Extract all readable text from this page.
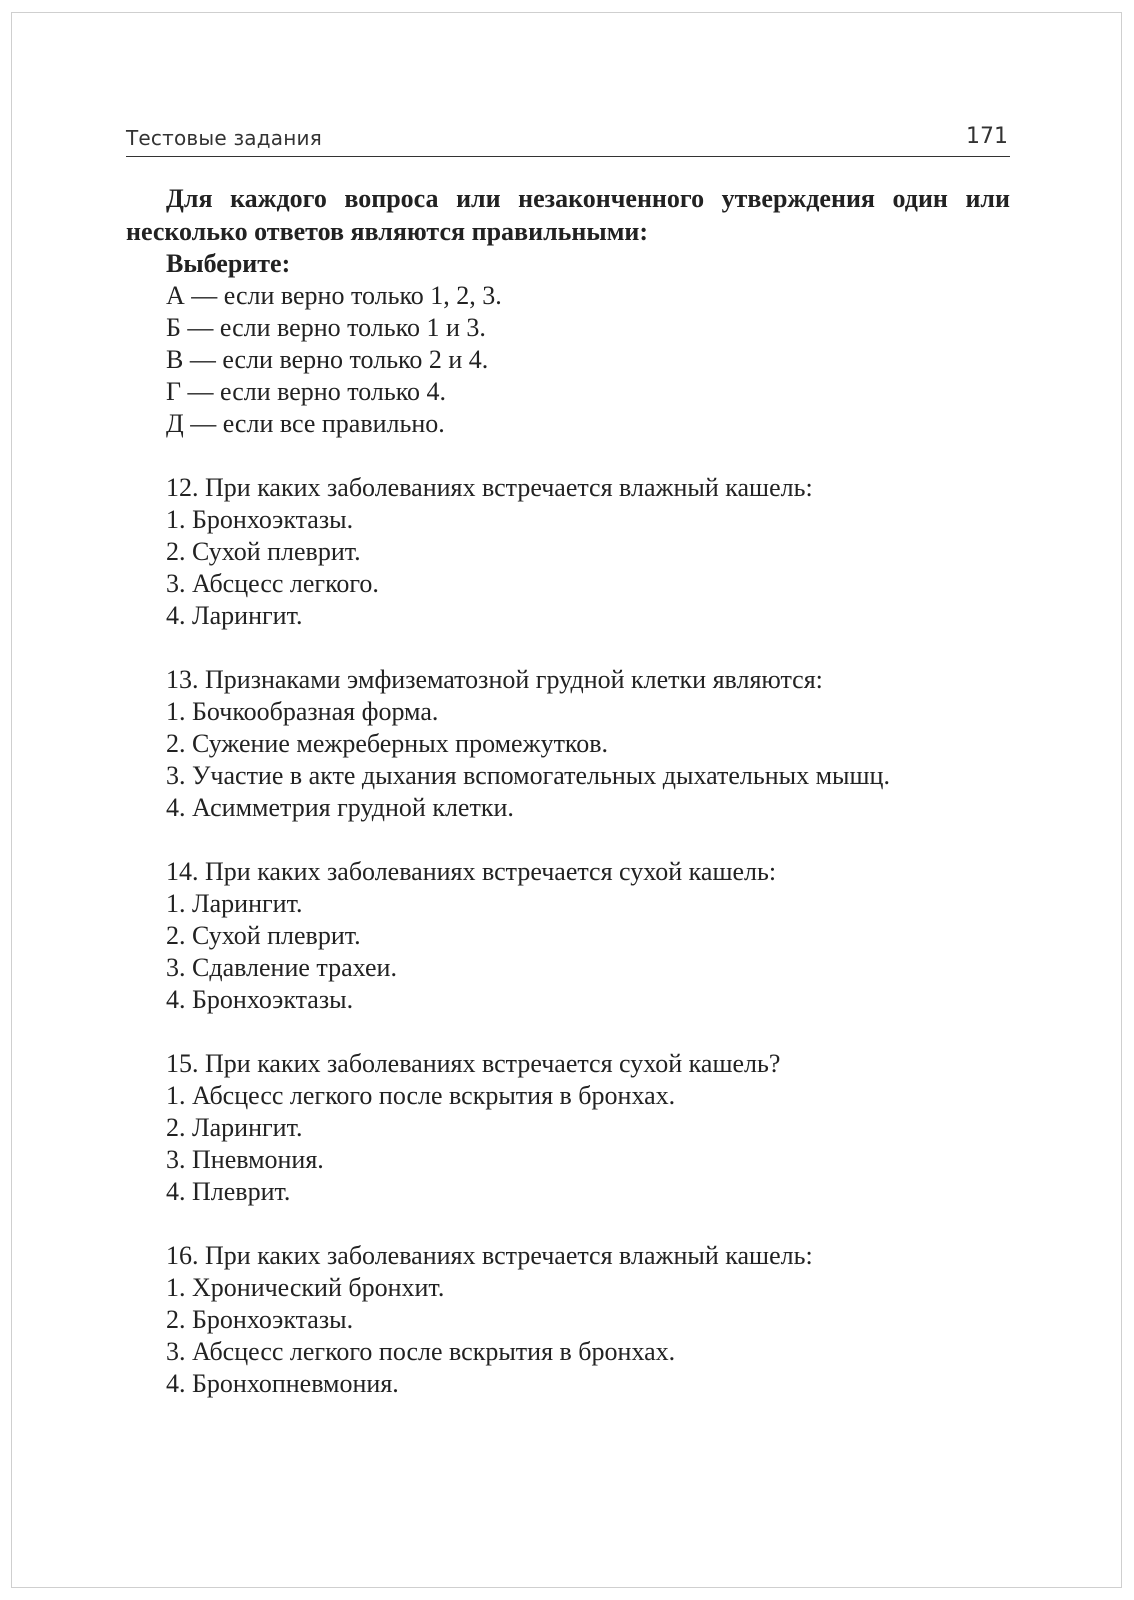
Тестовые задания	171
Для каждого вопроса или незаконченного утверждения один или несколько ответов являются правильными:
Выберите:
А — если верно только 1, 2, 3.
Б — если верно только 1 и 3.
В — если верно только 2 и 4.
Г — если верно только 4.
Д — если все правильно.
12. При каких заболеваниях встречается влажный кашель:
1. Бронхоэктазы.
2. Сухой плеврит.
3. Абсцесс легкого.
4. Ларингит.
13. Признаками эмфизематозной грудной клетки являются:
1. Бочкообразная форма.
2. Сужение межреберных промежутков.
3. Участие в акте дыхания вспомогательных дыхательных мышц.
4. Асимметрия грудной клетки.
14. При каких заболеваниях встречается сухой кашель:
1. Ларингит.
2. Сухой плеврит.
3. Сдавление трахеи.
4. Бронхоэктазы.
15. При каких заболеваниях встречается сухой кашель?
1. Абсцесс легкого после вскрытия в бронхах.
2. Ларингит.
3. Пневмония.
4. Плеврит.
16. При каких заболеваниях встречается влажный кашель:
1. Хронический бронхит.
2. Бронхоэктазы.
3. Абсцесс легкого после вскрытия в бронхах.
4. Бронхопневмония.
